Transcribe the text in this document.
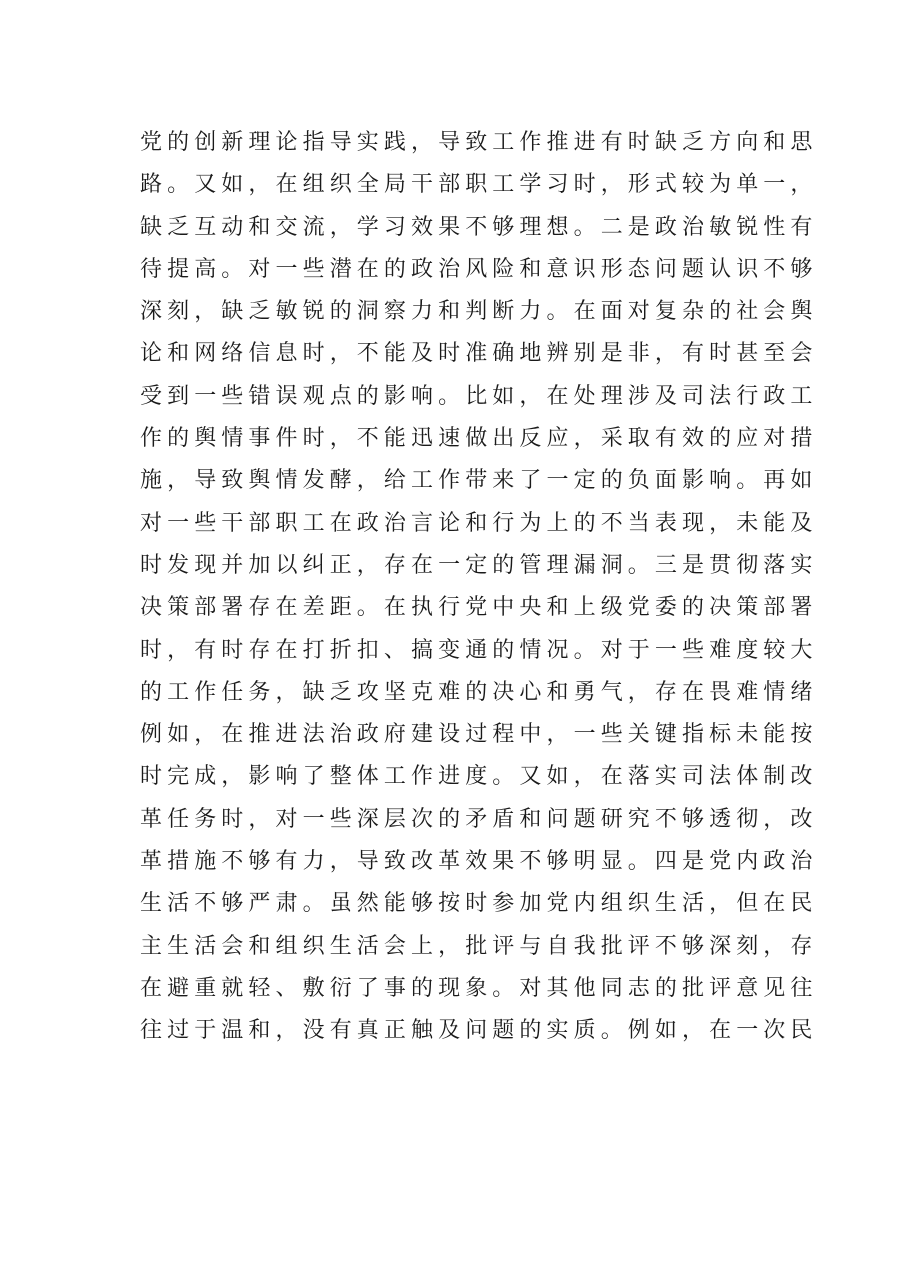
党的创新理论指导实践，导致工作推进有时缺乏方向和思
路。又如，在组织全局干部职工学习时，形式较为单一，
缺乏互动和交流，学习效果不够理想。二是政治敏锐性有
待提高。对一些潜在的政治风险和意识形态问题认识不够
深刻，缺乏敏锐的洞察力和判断力。在面对复杂的社会舆
论和网络信息时，不能及时准确地辨别是非，有时甚至会
受到一些错误观点的影响。比如，在处理涉及司法行政工
作的舆情事件时，不能迅速做出反应，采取有效的应对措
施，导致舆情发酵，给工作带来了一定的负面影响。再如
对一些干部职工在政治言论和行为上的不当表现，未能及
时发现并加以纠正，存在一定的管理漏洞。三是贯彻落实
决策部署存在差距。在执行党中央和上级党委的决策部署
时，有时存在打折扣、搞变通的情况。对于一些难度较大
的工作任务，缺乏攻坚克难的决心和勇气，存在畏难情绪
例如，在推进法治政府建设过程中，一些关键指标未能按
时完成，影响了整体工作进度。又如，在落实司法体制改
革任务时，对一些深层次的矛盾和问题研究不够透彻，改
革措施不够有力，导致改革效果不够明显。四是党内政治
生活不够严肃。虽然能够按时参加党内组织生活，但在民
主生活会和组织生活会上，批评与自我批评不够深刻，存
在避重就轻、敷衍了事的现象。对其他同志的批评意见往
往过于温和，没有真正触及问题的实质。例如，在一次民
